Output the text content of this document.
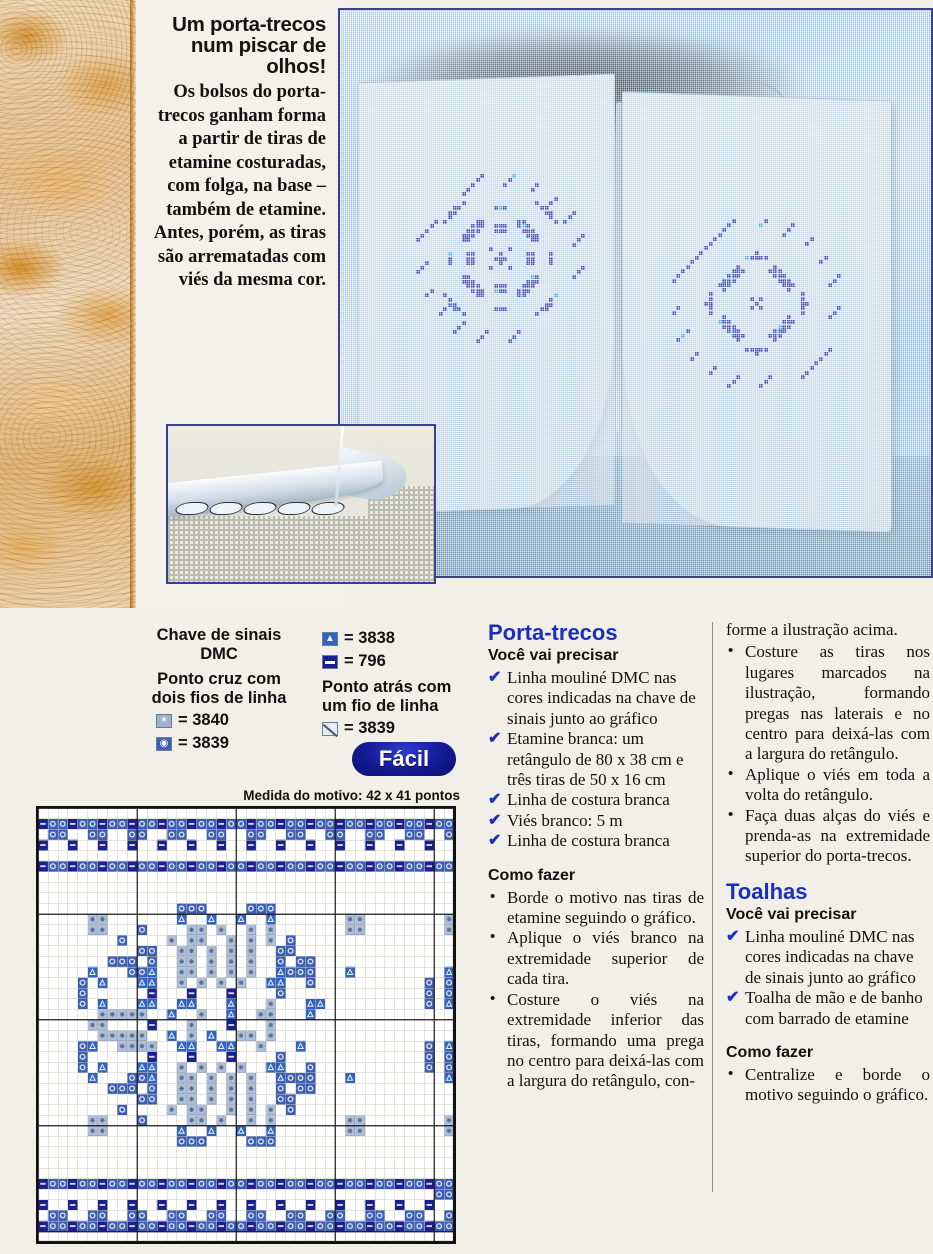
Um porta-trecos num piscar de olhos!
Os bolsos do porta-trecos ganham forma a partir de tiras de etamine costuradas, com folga, na base – também de etamine. Antes, porém, as tiras são arrematadas com viés da mesma cor.
Chave de sinais
DMC
Ponto cruz com dois fios de linha
✶ = 3840
◉ = 3839
▲ = 3838
▬ = 796
Ponto atrás com um fio de linha
= 3839
Fácil
Medida do motivo: 42 x 41 pontos
Porta-trecos
Você vai precisar
✔ Linha mouliné DMC nas cores indicadas na chave de sinais junto ao gráfico
✔ Etamine branca: um retângulo de 80 x 38 cm e três tiras de 50 x 16 cm
✔ Linha de costura branca
✔ Viés branco: 5 m
✔ Linha de costura branca
Como fazer
• Borde o motivo nas tiras de etamine seguindo o gráfico.
• Aplique o viés branco na extremidade superior de cada tira.
• Costure o viés na extremidade inferior das tiras, formando uma prega no centro para deixá-las com a largura do retângulo, con-
forme a ilustração acima.
• Costure as tiras nos lugares marcados na ilustração, formando pregas nas laterais e no centro para deixá-las com a largura do retângulo.
• Aplique o viés em toda a volta do retângulo.
• Faça duas alças do viés e prenda-as na extremidade superior do porta-trecos.
Toalhas
Você vai precisar
✔ Linha mouliné DMC nas cores indicadas na chave de sinais junto ao gráfico
✔ Toalha de mão e de banho com barrado de etamine
Como fazer
• Centralize e borde o motivo seguindo o gráfico.
